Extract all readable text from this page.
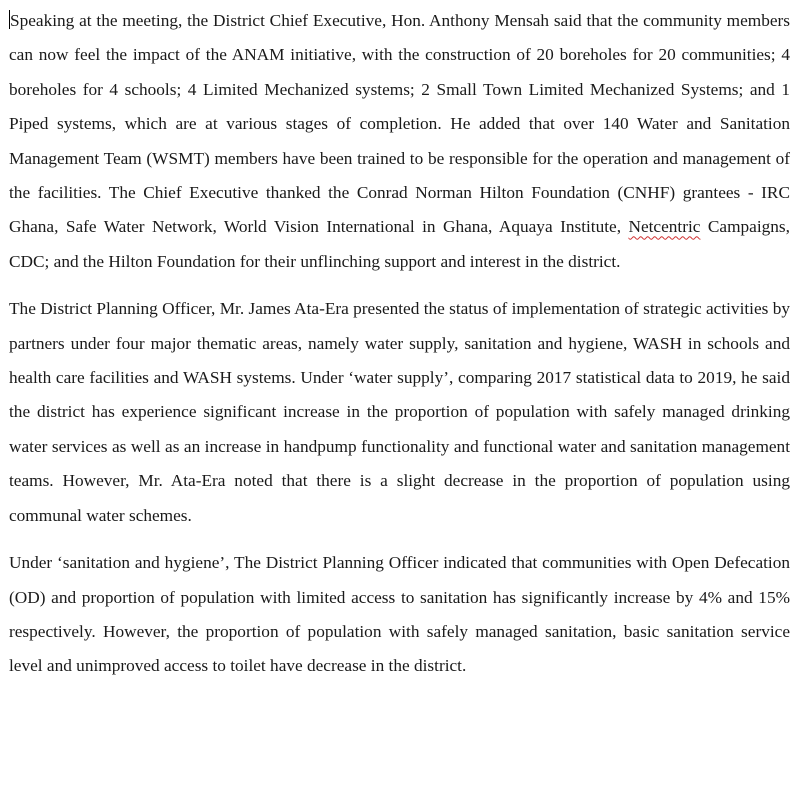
Speaking at the meeting, the District Chief Executive, Hon. Anthony Mensah said that the community members can now feel the impact of the ANAM initiative, with the construction of 20 boreholes for 20 communities; 4 boreholes for 4 schools; 4 Limited Mechanized systems; 2 Small Town Limited Mechanized Systems; and 1 Piped systems, which are at various stages of completion. He added that over 140 Water and Sanitation Management Team (WSMT) members have been trained to be responsible for the operation and management of the facilities. The Chief Executive thanked the Conrad Norman Hilton Foundation (CNHF) grantees - IRC Ghana, Safe Water Network, World Vision International in Ghana, Aquaya Institute, Netcentric Campaigns, CDC; and the Hilton Foundation for their unflinching support and interest in the district.

The District Planning Officer, Mr. James Ata-Era presented the status of implementation of strategic activities by partners under four major thematic areas, namely water supply, sanitation and hygiene, WASH in schools and health care facilities and WASH systems. Under ‘water supply’, comparing 2017 statistical data to 2019, he said the district has experience significant increase in the proportion of population with safely managed drinking water services as well as an increase in handpump functionality and functional water and sanitation management teams. However, Mr. Ata-Era noted that there is a slight decrease in the proportion of population using communal water schemes.

Under ‘sanitation and hygiene’, The District Planning Officer indicated that communities with Open Defecation (OD) and proportion of population with limited access to sanitation has significantly increase by 4% and 15% respectively. However, the proportion of population with safely managed sanitation, basic sanitation service level and unimproved access to toilet have decrease in the district.
